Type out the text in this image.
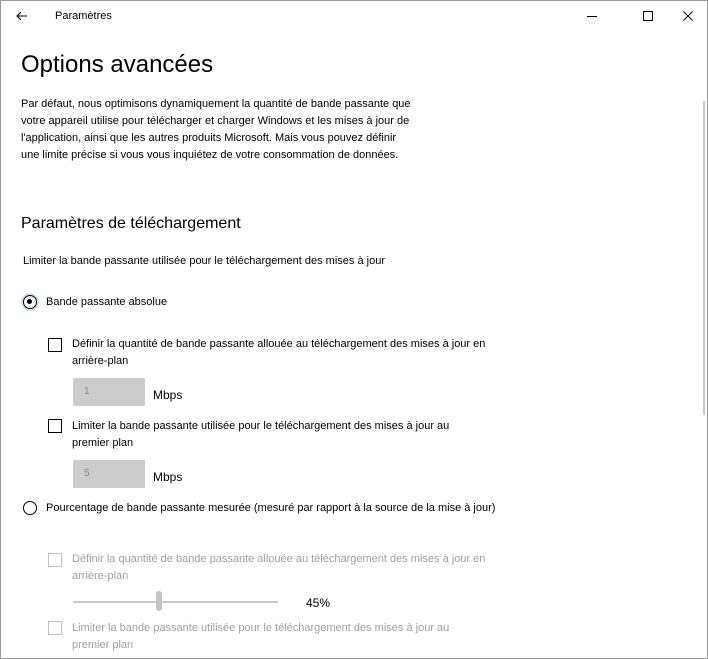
Paramètres
Options avancées
Par défaut, nous optimisons dynamiquement la quantité de bande passante que votre appareil utilise pour télécharger et charger Windows et les mises à jour de l'application, ainsi que les autres produits Microsoft. Mais vous pouvez définir une limite précise si vous vous inquiétez de votre consommation de données.
Paramètres de téléchargement
Limiter la bande passante utilisée pour le téléchargement des mises à jour
Bande passante absolue
Définir la quantité de bande passante allouée au téléchargement des mises à jour en arrière-plan
1	Mbps
Limiter la bande passante utilisée pour le téléchargement des mises à jour au premier plan
5	Mbps
Pourcentage de bande passante mesurée (mesuré par rapport à la source de la mise à jour)
Définir la quantité de bande passante allouée au téléchargement des mises à jour en arrière-plan
45%
Limiter la bande passante utilisée pour le téléchargement des mises à jour au premier plan
